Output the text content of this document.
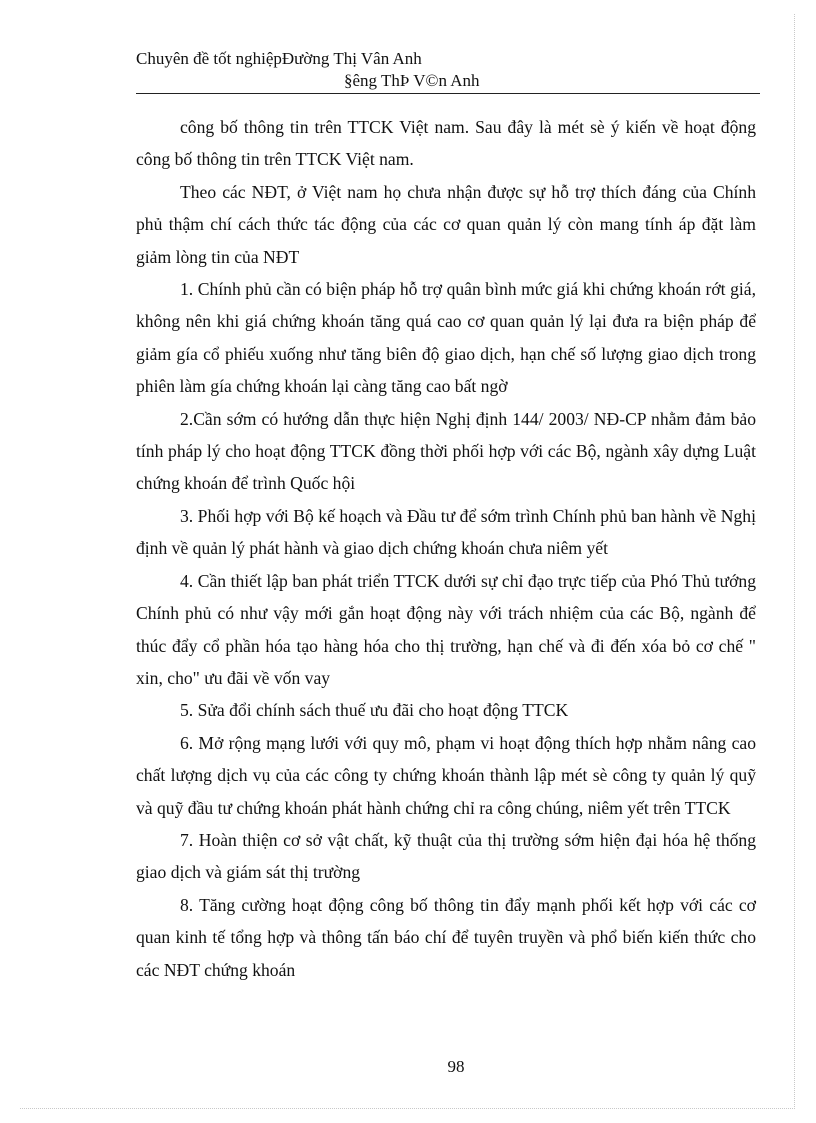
Chuyên đề tốt nghiệpĐường Thị Vân Anh
§êng ThÞ V©n Anh

công bố thông tin trên TTCK Việt nam. Sau đây là mét sè ý kiến về hoạt động công bố thông tin trên TTCK Việt nam.

Theo các NĐT, ở Việt nam họ chưa nhận được sự hỗ trợ thích đáng của Chính phủ thậm chí cách thức tác động của các cơ quan quản lý còn mang tính áp đặt làm giảm lòng tin của NĐT

1. Chính phủ cần có biện pháp hỗ trợ quân bình mức giá khi chứng khoán rớt giá, không nên khi giá chứng khoán tăng quá cao cơ quan quản lý lại đưa ra biện pháp để giảm gía cổ phiếu xuống như tăng biên độ giao dịch, hạn chế số lượng giao dịch trong phiên làm gía chứng khoán lại càng tăng cao bất ngờ

2.Cần sớm có hướng dẫn thực hiện Nghị định 144/ 2003/ NĐ-CP nhằm đảm bảo tính pháp lý cho hoạt động TTCK đồng thời phối hợp với các Bộ, ngành xây dựng Luật chứng khoán để trình Quốc hội

3. Phối hợp với Bộ kế hoạch và Đầu tư để sớm trình Chính phủ ban hành về Nghị định về quản lý phát hành và giao dịch chứng khoán chưa niêm yết

4. Cần thiết lập ban phát triển TTCK dưới sự chỉ đạo trực tiếp của Phó Thủ tướng Chính phủ có như vậy mới gắn hoạt động này với trách nhiệm của các Bộ, ngành để thúc đẩy cổ phần hóa tạo hàng hóa cho thị trường, hạn chế và đi đến xóa bỏ cơ chế " xin, cho" ưu đãi về vốn vay

5. Sửa đổi chính sách thuế ưu đãi cho hoạt động TTCK

6. Mở rộng mạng lưới với quy mô, phạm vi hoạt động thích hợp nhằm nâng cao chất lượng dịch vụ của các công ty chứng khoán thành lập mét sè công ty quản lý quỹ và quỹ đầu tư chứng khoán phát hành chứng chỉ ra công chúng, niêm yết trên TTCK

7. Hoàn thiện cơ sở vật chất, kỹ thuật của thị trường sớm hiện đại hóa hệ thống giao dịch và giám sát thị trường

8. Tăng cường hoạt động công bố thông tin đẩy mạnh phối kết hợp với các cơ quan kinh tế tổng hợp và thông tấn báo chí để tuyên truyền và phổ biến kiến thức cho các NĐT chứng khoán

98
